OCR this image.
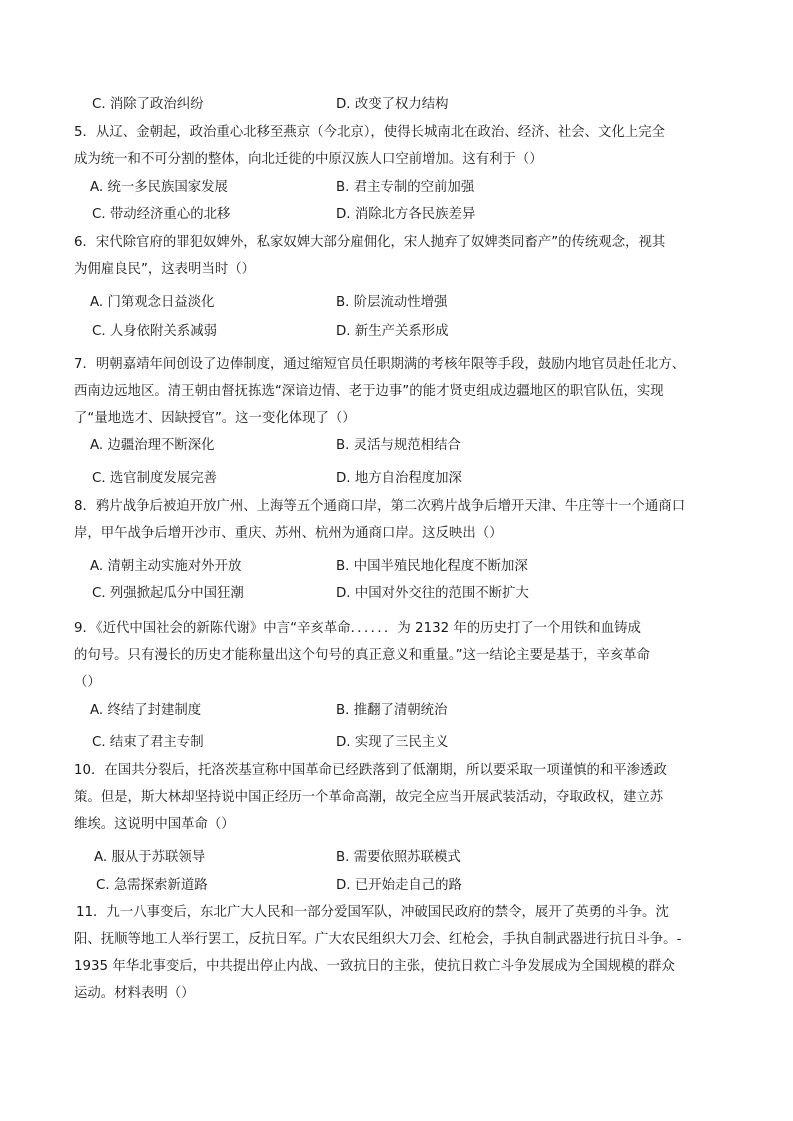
C. 消除了政治纠纷	D. 改变了权力结构
5．从辽、金朝起，政治重心北移至燕京（今北京），使得长城南北在政治、经济、社会、文化上完全
成为统一和不可分割的整体，向北迁徙的中原汉族人口空前增加。这有利于（）
A. 统一多民族国家发展	B. 君主专制的空前加强
C. 带动经济重心的北移	D. 消除北方各民族差异
6．宋代除官府的罪犯奴婢外，私家奴婢大部分雇佣化，宋人抛弃了奴婢类同畜产”的传统观念，视其
为佣雇良民”，这表明当时（）
A. 门第观念日益淡化	B. 阶层流动性增强
C. 人身依附关系减弱	D. 新生产关系形成
7．明朝嘉靖年间创设了边俸制度，通过缩短官员任职期满的考核年限等手段，鼓励内地官员赴任北方、
西南边远地区。清王朝由督抚拣选“深谙边情、老于边事”的能才贤吏组成边疆地区的职官队伍，实现
了“量地选才、因缺授官”。这一变化体现了（）
A. 边疆治理不断深化	B. 灵活与规范相结合
C. 选官制度发展完善	D. 地方自治程度加深
8．鸦片战争后被迫开放广州、上海等五个通商口岸，第二次鸦片战争后增开天津、牛庄等十一个通商口
岸，甲午战争后增开沙市、重庆、苏州、杭州为通商口岸。这反映出（）
A. 清朝主动实施对外开放	B. 中国半殖民地化程度不断加深
C. 列强掀起瓜分中国狂潮	D. 中国对外交往的范围不断扩大
9．《近代中国社会的新陈代谢》中言“辛亥革命．．．．．．为 2132 年的历史打了一个用铁和血铸成
的句号。只有漫长的历史才能称量出这个句号的真正意义和重量。”这一结论主要是基于，辛亥革命
（）
A. 终结了封建制度	B. 推翻了清朝统治
C. 结束了君主专制	D. 实现了三民主义
10．在国共分裂后，托洛茨基宣称中国革命已经跌落到了低潮期，所以要采取一项谨慎的和平渗透政
策。但是，斯大林却坚持说中国正经历一个革命高潮，故完全应当开展武装活动，夺取政权，建立苏
维埃。这说明中国革命（）
A. 服从于苏联领导	B. 需要依照苏联模式
C. 急需探索新道路	D. 已开始走自己的路
11．九一八事变后，东北广大人民和一部分爱国军队，冲破国民政府的禁令，展开了英勇的斗争。沈
阳、抚顺等地工人举行罢工，反抗日军。广大农民组织大刀会、红枪会，手执自制武器进行抗日斗争。-
1935 年华北事变后，中共提出停止内战、一致抗日的主张，使抗日救亡斗争发展成为全国规模的群众
运动。材料表明（）
